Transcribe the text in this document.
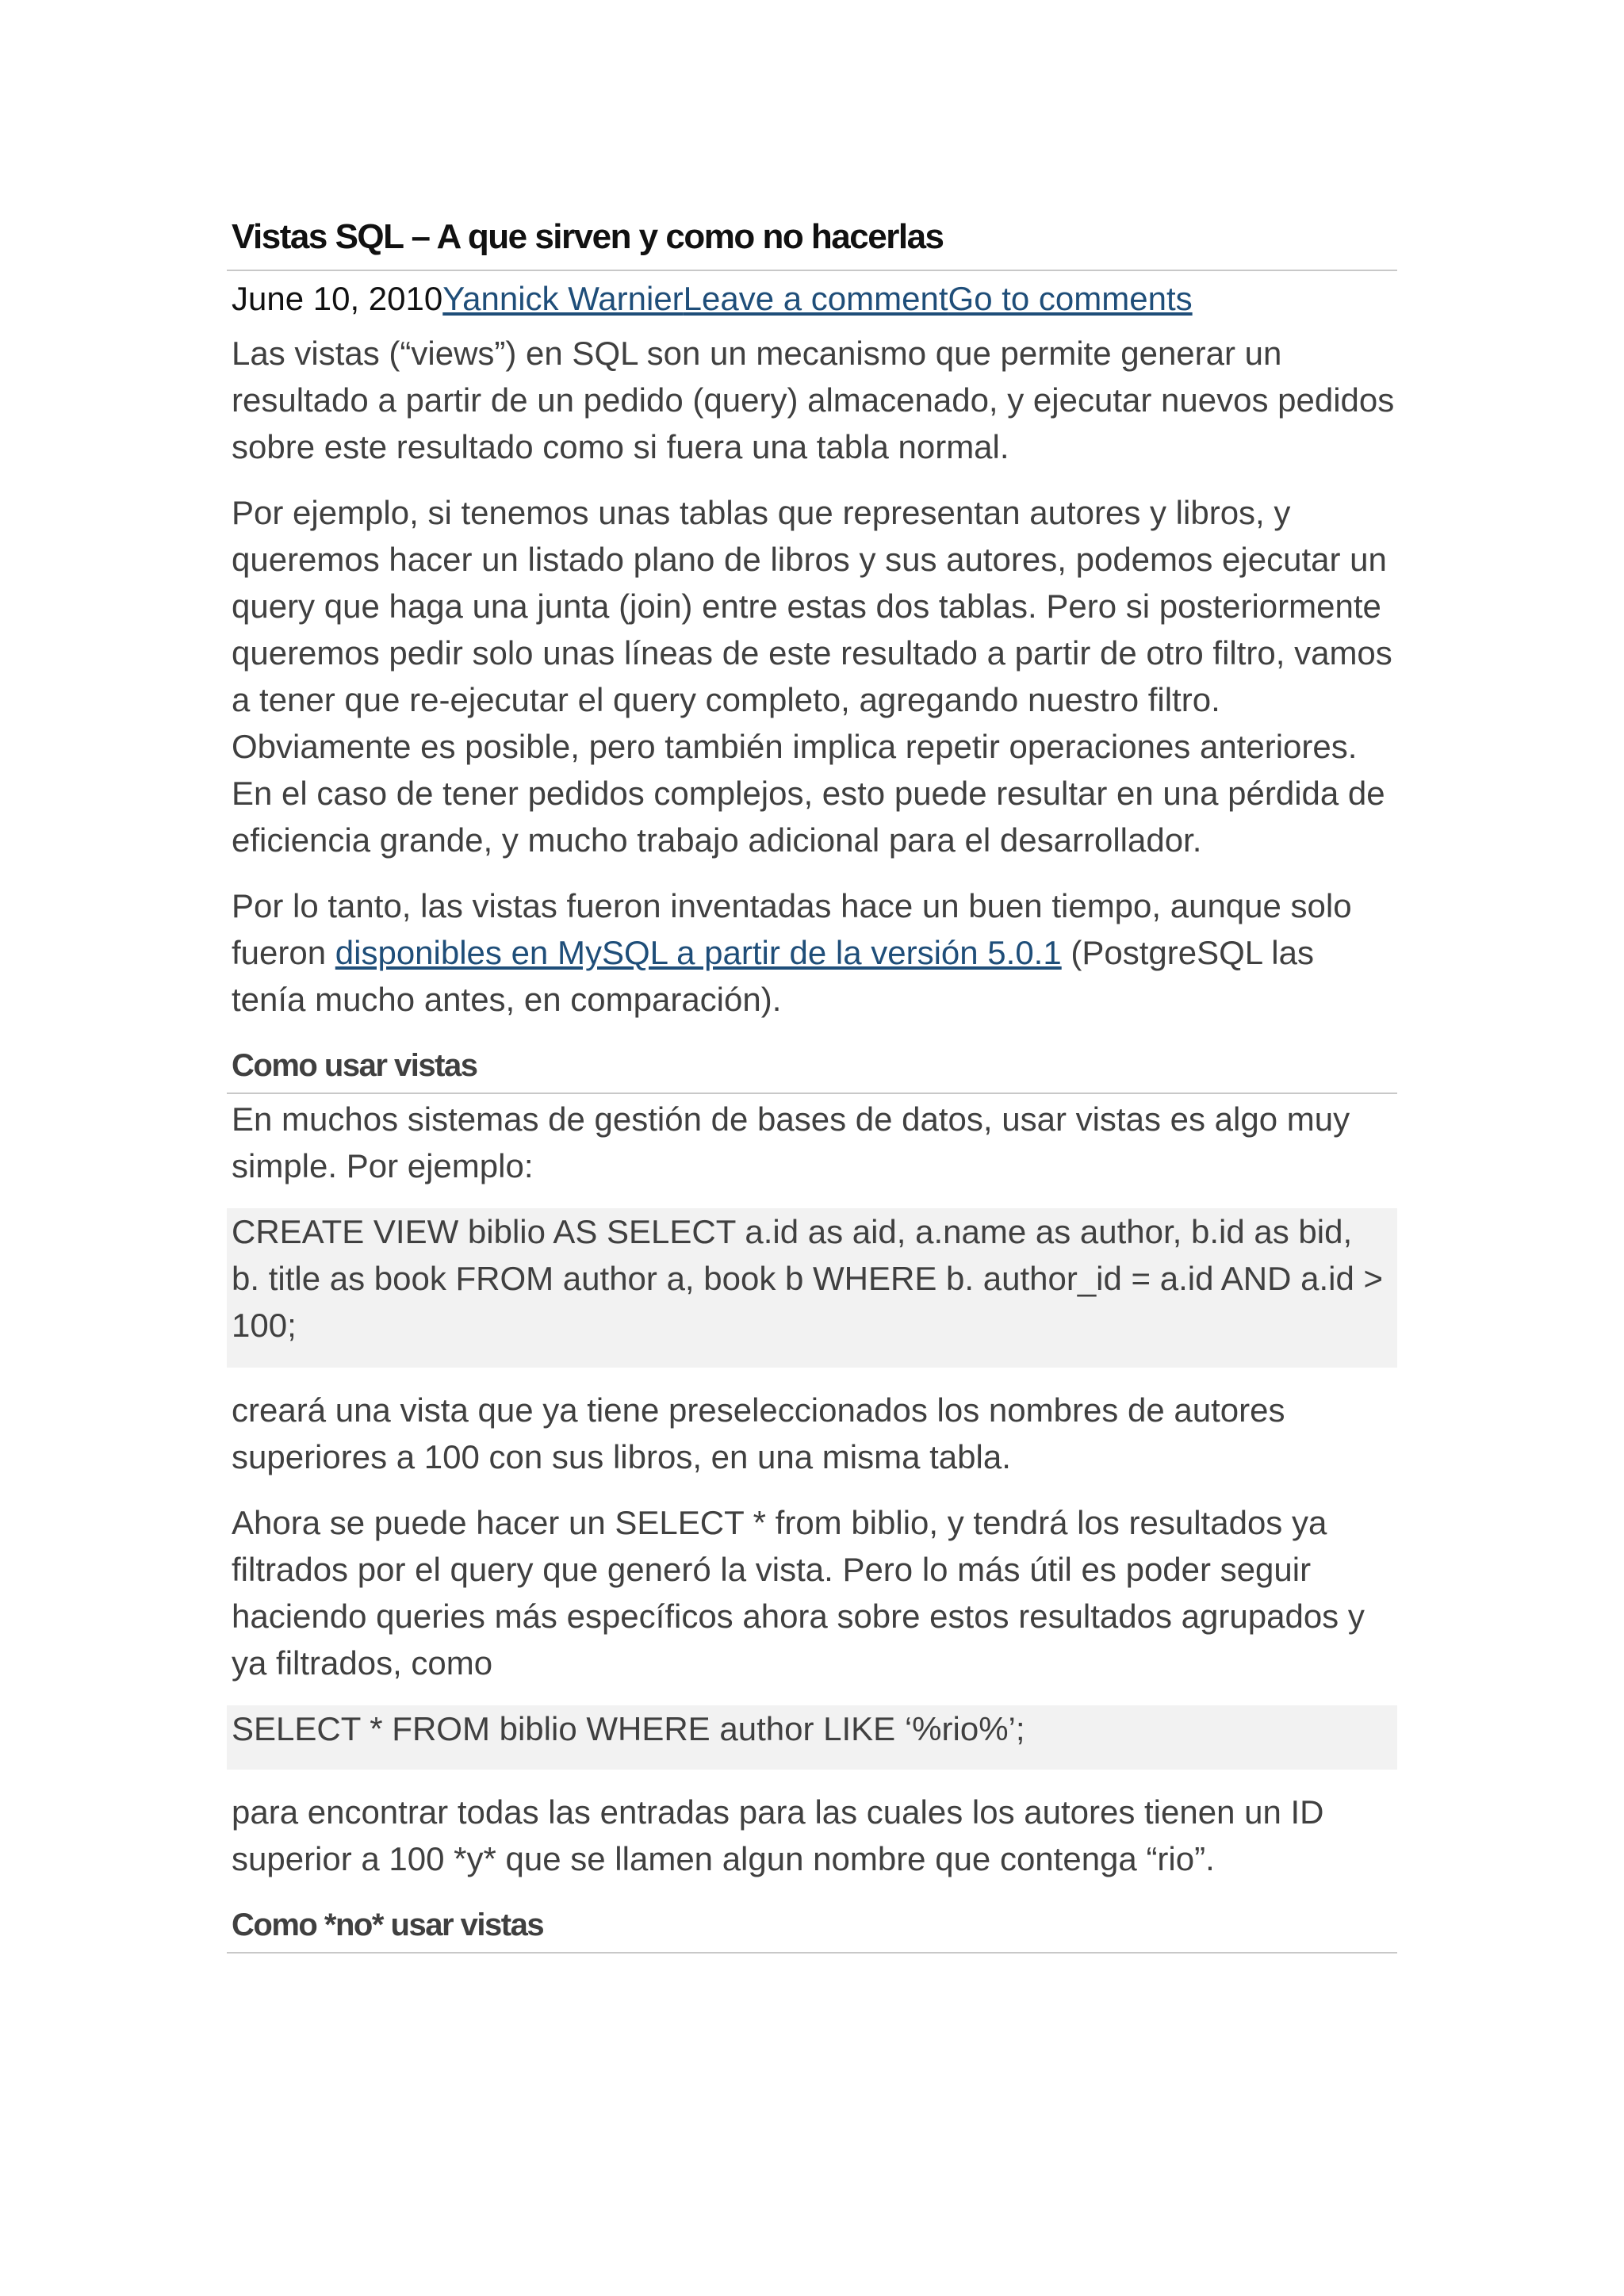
Vistas SQL – A que sirven y como no hacerlas
June 10, 2010Yannick WarnierLeave a commentGo to comments

Las vistas (“views”) en SQL son un mecanismo que permite generar un resultado a partir de un pedido (query) almacenado, y ejecutar nuevos pedidos sobre este resultado como si fuera una tabla normal.

Por ejemplo, si tenemos unas tablas que representan autores y libros, y queremos hacer un listado plano de libros y sus autores, podemos ejecutar un query que haga una junta (join) entre estas dos tablas. Pero si posteriormente queremos pedir solo unas líneas de este resultado a partir de otro filtro, vamos a tener que re-ejecutar el query completo, agregando nuestro filtro. Obviamente es posible, pero también implica repetir operaciones anteriores. En el caso de tener pedidos complejos, esto puede resultar en una pérdida de eficiencia grande, y mucho trabajo adicional para el desarrollador.

Por lo tanto, las vistas fueron inventadas hace un buen tiempo, aunque solo fueron disponibles en MySQL a partir de la versión 5.0.1 (PostgreSQL las tenía mucho antes, en comparación).

Como usar vistas

En muchos sistemas de gestión de bases de datos, usar vistas es algo muy simple. Por ejemplo:

CREATE VIEW biblio AS SELECT a.id as aid, a.name as author, b.id as bid, b. title as book FROM author a, book b WHERE b. author_id = a.id AND a.id > 100;

creará una vista que ya tiene preseleccionados los nombres de autores superiores a 100 con sus libros, en una misma tabla.

Ahora se puede hacer un SELECT * from biblio, y tendrá los resultados ya filtrados por el query que generó la vista. Pero lo más útil es poder seguir haciendo queries más específicos ahora sobre estos resultados agrupados y ya filtrados, como

SELECT * FROM biblio WHERE author LIKE ‘%rio%’;

para encontrar todas las entradas para las cuales los autores tienen un ID superior a 100 *y* que se llamen algun nombre que contenga “rio”.

Como *no* usar vistas
